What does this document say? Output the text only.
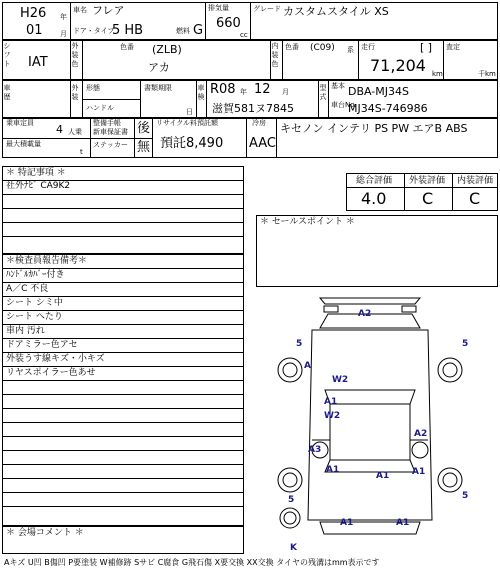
H26 年
01 月
車名 フレア
ドア・タイプ
5 HB	燃料 G
排気量
660
cc
グレード カスタムスタイル XS
シフト IAT
外装色
色番 (ZLB)
アカ
内装色
色番 (C09) 系 走行	[ ]
71,204 km
査定
千km
車歴
外装
形態
ハンドル
書類期限
日
車検 R08 年 12 月
滋賀581ヌ7845
型式
基本 DBA-MJ34S
車台No.
MJ34S-746986
乗車定員 4 人乗
最大積載量
t
整備手帳
新車保証書
ステッカー
後
無
リサイクル料預託額
預託8,490
冷房
AAC
キセノン インテリ PS PW エアB ABS
＊ 特記事項 ＊
社外ﾅﾋﾞ CA9K2	総合評価 外装評価 内装評価
4.0 C C
＊ セールスポイント ＊
＊検査員報告備考＊
ﾊﾝﾄﾞﾙｶﾊﾞｰ付き
A／C 不良
シート シミ中
シート へたり
車内 汚れ
ドアミラー色アセ
外装うす線キズ・小キズ
リヤスポイラー色あせ
＊ 会場コメント ＊
Aキズ U凹 B傷凹 P要塗装 W補修跡 Sサビ C腐食 G飛石傷 X要交換 XX交換 タイヤの残溝はmm表示です
A2
5
A
5
W2
A1
W2
A3
A2
A1
A1	A1
5
A1	A1
5
K
